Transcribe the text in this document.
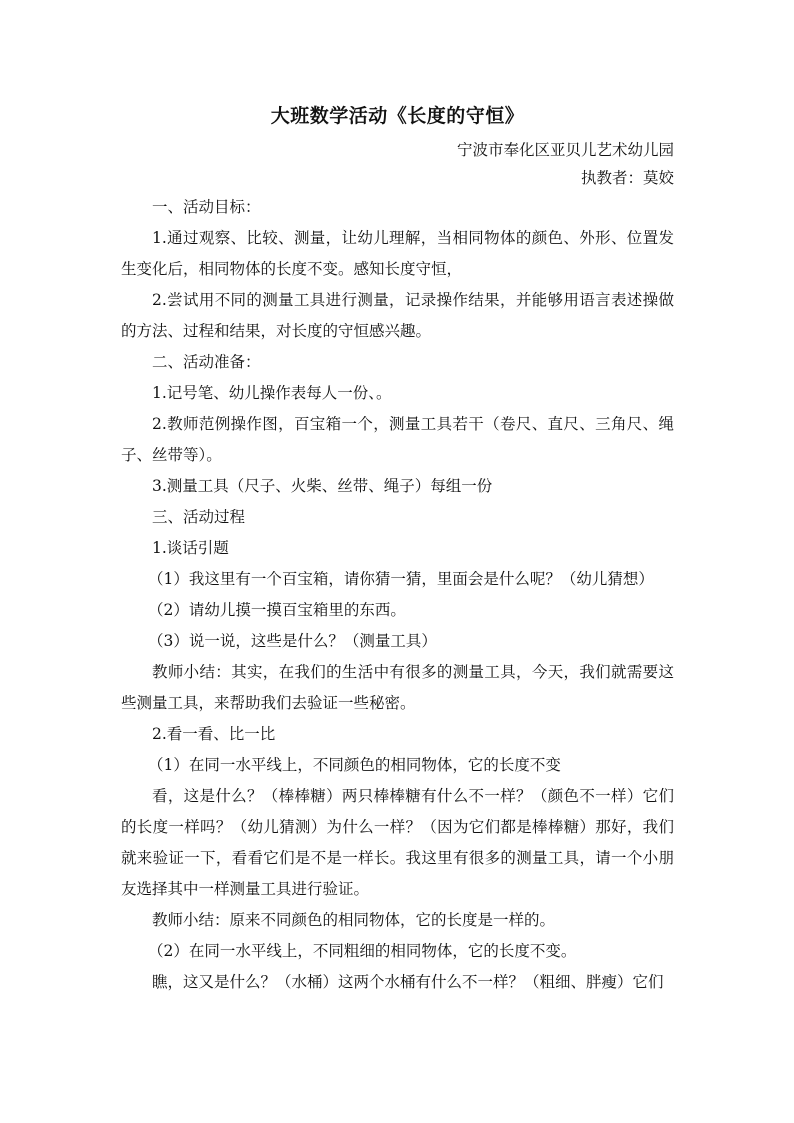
大班数学活动《长度的守恒》

宁波市奉化区亚贝儿艺术幼儿园

执教者：莫姣

一、活动目标：

1.通过观察、比较、测量，让幼儿理解，当相同物体的颜色、外形、位置发生变化后，相同物体的长度不变。感知长度守恒，

2.尝试用不同的测量工具进行测量，记录操作结果，并能够用语言表述操做的方法、过程和结果，对长度的守恒感兴趣。

二、活动准备：

1.记号笔、幼儿操作表每人一份、。

2.教师范例操作图，百宝箱一个，测量工具若干（卷尺、直尺、三角尺、绳子、丝带等）。

3.测量工具（尺子、火柴、丝带、绳子）每组一份

三、活动过程

1.谈话引题

（1）我这里有一个百宝箱，请你猜一猜，里面会是什么呢？（幼儿猜想）

（2）请幼儿摸一摸百宝箱里的东西。

（3）说一说，这些是什么？（测量工具）

教师小结：其实，在我们的生活中有很多的测量工具，今天，我们就需要这些测量工具，来帮助我们去验证一些秘密。

2.看一看、比一比

（1）在同一水平线上，不同颜色的相同物体，它的长度不变

看，这是什么？（棒棒糖）两只棒棒糖有什么不一样？（颜色不一样）它们的长度一样吗？（幼儿猜测）为什么一样？（因为它们都是棒棒糖）那好，我们就来验证一下，看看它们是不是一样长。我这里有很多的测量工具，请一个小朋友选择其中一样测量工具进行验证。

教师小结：原来不同颜色的相同物体，它的长度是一样的。

（2）在同一水平线上，不同粗细的相同物体，它的长度不变。

瞧，这又是什么？（水桶）这两个水桶有什么不一样？（粗细、胖瘦）它们
